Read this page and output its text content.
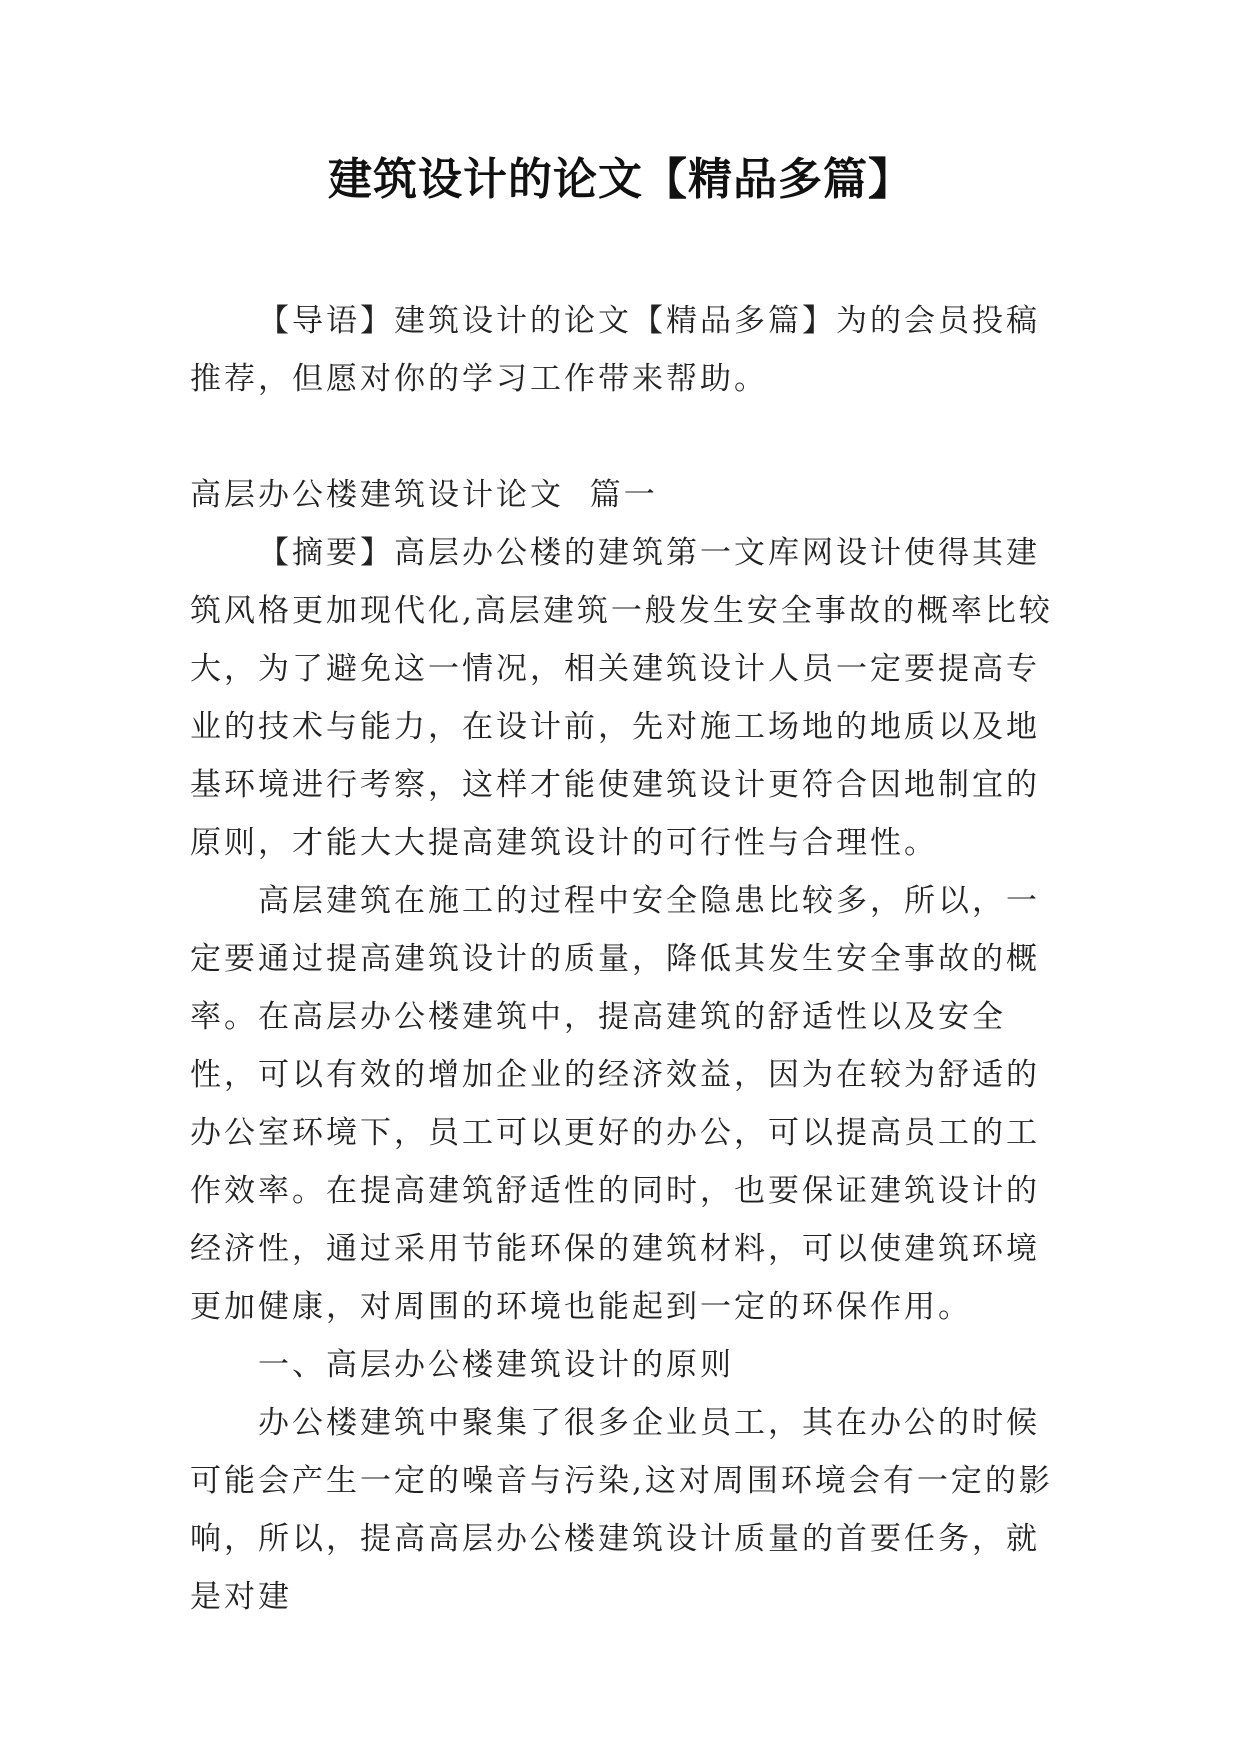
建筑设计的论文【精品多篇】

【导语】建筑设计的论文【精品多篇】为的会员投稿推荐，但愿对你的学习工作带来帮助。

高层办公楼建筑设计论文  篇一

【摘要】高层办公楼的建筑第一文库网设计使得其建筑风格更加现代化,高层建筑一般发生安全事故的概率比较大，为了避免这一情况，相关建筑设计人员一定要提高专业的技术与能力，在设计前，先对施工场地的地质以及地基环境进行考察，这样才能使建筑设计更符合因地制宜的原则，才能大大提高建筑设计的可行性与合理性。

高层建筑在施工的过程中安全隐患比较多，所以，一定要通过提高建筑设计的质量，降低其发生安全事故的概率。在高层办公楼建筑中，提高建筑的舒适性以及安全性，可以有效的增加企业的经济效益，因为在较为舒适的办公室环境下，员工可以更好的办公，可以提高员工的工作效率。在提高建筑舒适性的同时，也要保证建筑设计的经济性，通过采用节能环保的建筑材料，可以使建筑环境更加健康，对周围的环境也能起到一定的环保作用。

一、高层办公楼建筑设计的原则

办公楼建筑中聚集了很多企业员工，其在办公的时候可能会产生一定的噪音与污染,这对周围环境会有一定的影响，所以，提高高层办公楼建筑设计质量的首要任务，就是对建
